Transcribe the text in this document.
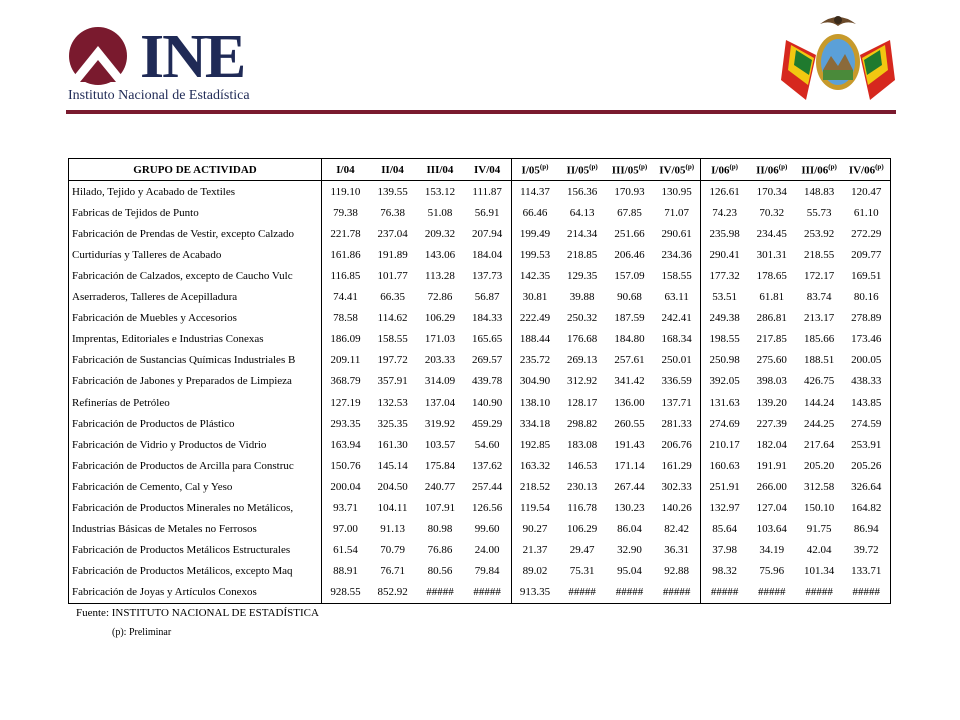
INE
Instituto Nacional de Estadística
GRUPO DE ACTIVIDAD	I/04	II/04	III/04	IV/04	I/05$^{(p)}$	II/05$^{(p)}$	III/05$^{(p)}$	IV/05$^{(p)}$	I/06$^{(p)}$	II/06$^{(p)}$	III/06$^{(p)}$	IV/06$^{(p)}$
Hilado, Tejido y Acabado de Textiles	119.10	139.55	153.12	111.87	114.37	156.36	170.93	130.95	126.61	170.34	148.83	120.47
Fabricas de Tejidos de Punto	79.38	76.38	51.08	56.91	66.46	64.13	67.85	71.07	74.23	70.32	55.73	61.10
Fabricación de Prendas de Vestir, excepto Calzado	221.78	237.04	209.32	207.94	199.49	214.34	251.66	290.61	235.98	234.45	253.92	272.29
Curtidurías y Talleres de Acabado	161.86	191.89	143.06	184.04	199.53	218.85	206.46	234.36	290.41	301.31	218.55	209.77
Fabricación de Calzados, excepto de Caucho Vulc	116.85	101.77	113.28	137.73	142.35	129.35	157.09	158.55	177.32	178.65	172.17	169.51
Aserraderos, Talleres de Acepilladura	74.41	66.35	72.86	56.87	30.81	39.88	90.68	63.11	53.51	61.81	83.74	80.16
Fabricación de Muebles y Accesorios	78.58	114.62	106.29	184.33	222.49	250.32	187.59	242.41	249.38	286.81	213.17	278.89
Imprentas, Editoriales e Industrias Conexas	186.09	158.55	171.03	165.65	188.44	176.68	184.80	168.34	198.55	217.85	185.66	173.46
Fabricación de Sustancias Químicas Industriales B	209.11	197.72	203.33	269.57	235.72	269.13	257.61	250.01	250.98	275.60	188.51	200.05
Fabricación de Jabones y Preparados de Limpieza	368.79	357.91	314.09	439.78	304.90	312.92	341.42	336.59	392.05	398.03	426.75	438.33
Refinerías de Petróleo	127.19	132.53	137.04	140.90	138.10	128.17	136.00	137.71	131.63	139.20	144.24	143.85
Fabricación de Productos de Plástico	293.35	325.35	319.92	459.29	334.18	298.82	260.55	281.33	274.69	227.39	244.25	274.59
Fabricación de Vidrio y Productos de Vidrio	163.94	161.30	103.57	54.60	192.85	183.08	191.43	206.76	210.17	182.04	217.64	253.91
Fabricación de Productos de Arcilla para Construc	150.76	145.14	175.84	137.62	163.32	146.53	171.14	161.29	160.63	191.91	205.20	205.26
Fabricación de Cemento, Cal y Yeso	200.04	204.50	240.77	257.44	218.52	230.13	267.44	302.33	251.91	266.00	312.58	326.64
Fabricación de Productos Minerales no Metálicos,	93.71	104.11	107.91	126.56	119.54	116.78	130.23	140.26	132.97	127.04	150.10	164.82
Industrias Básicas de Metales no Ferrosos	97.00	91.13	80.98	99.60	90.27	106.29	86.04	82.42	85.64	103.64	91.75	86.94
Fabricación de Productos Metálicos Estructurales	61.54	70.79	76.86	24.00	21.37	29.47	32.90	36.31	37.98	34.19	42.04	39.72
Fabricación de Productos Metálicos, excepto Maq	88.91	76.71	80.56	79.84	89.02	75.31	95.04	92.88	98.32	75.96	101.34	133.71
Fabricación de Joyas y Artículos Conexos	928.55	852.92	#####	#####	913.35	#####	#####	#####	#####	#####	#####	#####
Fuente: INSTITUTO NACIONAL DE ESTADÍSTICA
(p): Preliminar
